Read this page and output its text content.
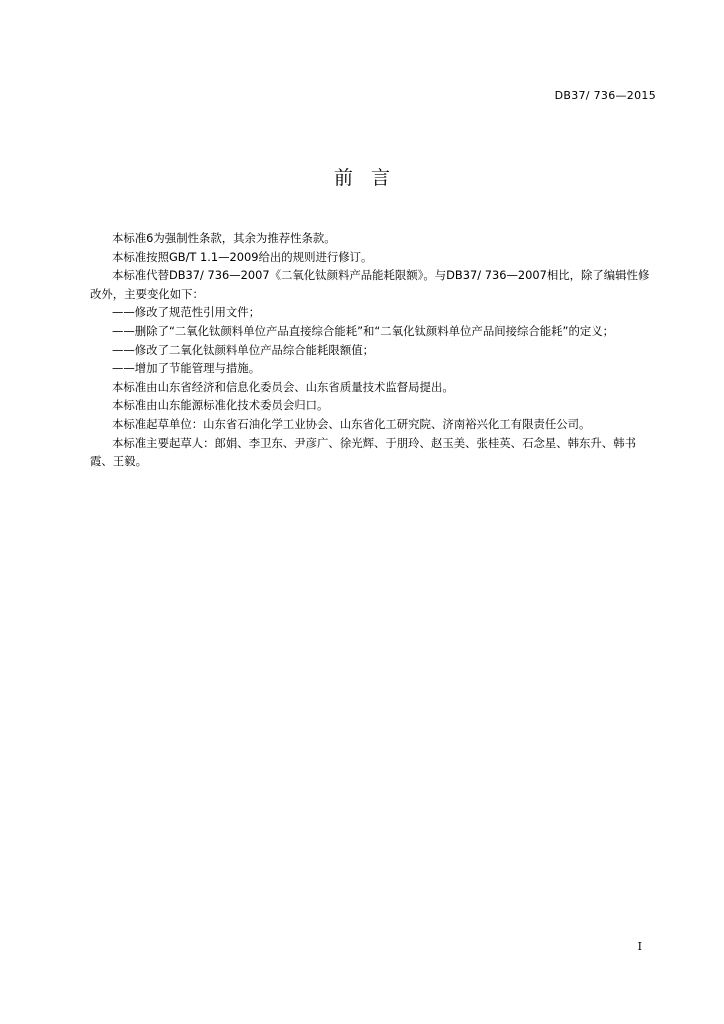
DB37/ 736—2015
前言

本标准6为强制性条款，其余为推荐性条款。

本标准按照GB/T 1.1—2009给出的规则进行修订。

本标准代替DB37/ 736—2007《二氧化钛颜料产品能耗限额》。与DB37/ 736—2007相比，除了编辑性修改外，主要变化如下：

——修改了规范性引用文件；

——删除了“二氧化钛颜料单位产品直接综合能耗”和“二氧化钛颜料单位产品间接综合能耗”的定义；

——修改了二氧化钛颜料单位产品综合能耗限额值；

——增加了节能管理与措施。

本标准由山东省经济和信息化委员会、山东省质量技术监督局提出。

本标准由山东能源标准化技术委员会归口。

本标准起草单位：山东省石油化学工业协会、山东省化工研究院、济南裕兴化工有限责任公司。

本标准主要起草人：郎娟、李卫东、尹彦广、徐光辉、于朋玲、赵玉美、张桂英、石念星、韩东升、韩书霞、王毅。

I
